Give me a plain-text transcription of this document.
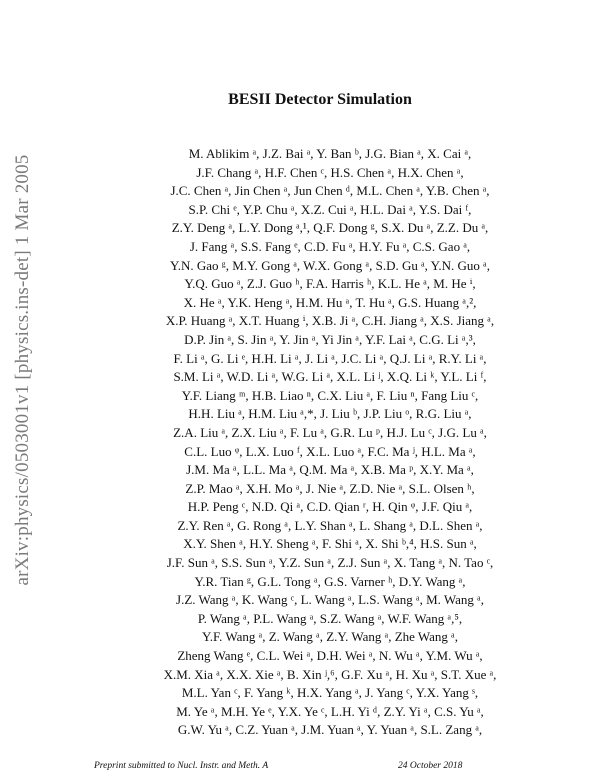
arXiv:physics/0503001v1 [physics.ins-det] 1 Mar 2005
BESII Detector Simulation
M. Ablikim ᵃ, J.Z. Bai ᵃ, Y. Ban ᵇ, J.G. Bian ᵃ, X. Cai ᵃ,
J.F. Chang ᵃ, H.F. Chen ᶜ, H.S. Chen ᵃ, H.X. Chen ᵃ,
J.C. Chen ᵃ, Jin Chen ᵃ, Jun Chen ᵈ, M.L. Chen ᵃ, Y.B. Chen ᵃ,
S.P. Chi ᵉ, Y.P. Chu ᵃ, X.Z. Cui ᵃ, H.L. Dai ᵃ, Y.S. Dai ᶠ,
Z.Y. Deng ᵃ, L.Y. Dong ᵃ,¹, Q.F. Dong ᵍ, S.X. Du ᵃ, Z.Z. Du ᵃ,
J. Fang ᵃ, S.S. Fang ᵉ, C.D. Fu ᵃ, H.Y. Fu ᵃ, C.S. Gao ᵃ,
Y.N. Gao ᵍ, M.Y. Gong ᵃ, W.X. Gong ᵃ, S.D. Gu ᵃ, Y.N. Guo ᵃ,
Y.Q. Guo ᵃ, Z.J. Guo ʰ, F.A. Harris ʰ, K.L. He ᵃ, M. He ⁱ,
X. He ᵃ, Y.K. Heng ᵃ, H.M. Hu ᵃ, T. Hu ᵃ, G.S. Huang ᵃ,²,
X.P. Huang ᵃ, X.T. Huang ⁱ, X.B. Ji ᵃ, C.H. Jiang ᵃ, X.S. Jiang ᵃ,
D.P. Jin ᵃ, S. Jin ᵃ, Y. Jin ᵃ, Yi Jin ᵃ, Y.F. Lai ᵃ, C.G. Li ᵃ,³,
F. Li ᵃ, G. Li ᵉ, H.H. Li ᵃ, J. Li ᵃ, J.C. Li ᵃ, Q.J. Li ᵃ, R.Y. Li ᵃ,
S.M. Li ᵃ, W.D. Li ᵃ, W.G. Li ᵃ, X.L. Li ʲ, X.Q. Li ᵏ, Y.L. Li ᶠ,
Y.F. Liang ᵐ, H.B. Liao ⁿ, C.X. Liu ᵃ, F. Liu ⁿ, Fang Liu ᶜ,
H.H. Liu ᵃ, H.M. Liu ᵃ,*, J. Liu ᵇ, J.P. Liu ᵒ, R.G. Liu ᵃ,
Z.A. Liu ᵃ, Z.X. Liu ᵃ, F. Lu ᵃ, G.R. Lu ᵖ, H.J. Lu ᶜ, J.G. Lu ᵃ,
C.L. Luo ᵠ, L.X. Luo ᶠ, X.L. Luo ᵃ, F.C. Ma ʲ, H.L. Ma ᵃ,
J.M. Ma ᵃ, L.L. Ma ᵃ, Q.M. Ma ᵃ, X.B. Ma ᵖ, X.Y. Ma ᵃ,
Z.P. Mao ᵃ, X.H. Mo ᵃ, J. Nie ᵃ, Z.D. Nie ᵃ, S.L. Olsen ʰ,
H.P. Peng ᶜ, N.D. Qi ᵃ, C.D. Qian ʳ, H. Qin ᵠ, J.F. Qiu ᵃ,
Z.Y. Ren ᵃ, G. Rong ᵃ, L.Y. Shan ᵃ, L. Shang ᵃ, D.L. Shen ᵃ,
X.Y. Shen ᵃ, H.Y. Sheng ᵃ, F. Shi ᵃ, X. Shi ᵇ,⁴, H.S. Sun ᵃ,
J.F. Sun ᵃ, S.S. Sun ᵃ, Y.Z. Sun ᵃ, Z.J. Sun ᵃ, X. Tang ᵃ, N. Tao ᶜ,
Y.R. Tian ᵍ, G.L. Tong ᵃ, G.S. Varner ʰ, D.Y. Wang ᵃ,
J.Z. Wang ᵃ, K. Wang ᶜ, L. Wang ᵃ, L.S. Wang ᵃ, M. Wang ᵃ,
P. Wang ᵃ, P.L. Wang ᵃ, S.Z. Wang ᵃ, W.F. Wang ᵃ,⁵,
Y.F. Wang ᵃ, Z. Wang ᵃ, Z.Y. Wang ᵃ, Zhe Wang ᵃ,
Zheng Wang ᵉ, C.L. Wei ᵃ, D.H. Wei ᵃ, N. Wu ᵃ, Y.M. Wu ᵃ,
X.M. Xia ᵃ, X.X. Xie ᵃ, B. Xin ʲ,⁶, G.F. Xu ᵃ, H. Xu ᵃ, S.T. Xue ᵃ,
M.L. Yan ᶜ, F. Yang ᵏ, H.X. Yang ᵃ, J. Yang ᶜ, Y.X. Yang ˢ,
M. Ye ᵃ, M.H. Ye ᵉ, Y.X. Ye ᶜ, L.H. Yi ᵈ, Z.Y. Yi ᵃ, C.S. Yu ᵃ,
G.W. Yu ᵃ, C.Z. Yuan ᵃ, J.M. Yuan ᵃ, Y. Yuan ᵃ, S.L. Zang ᵃ,
Preprint submitted to Nucl. Instr. and Meth. A	24 October 2018
